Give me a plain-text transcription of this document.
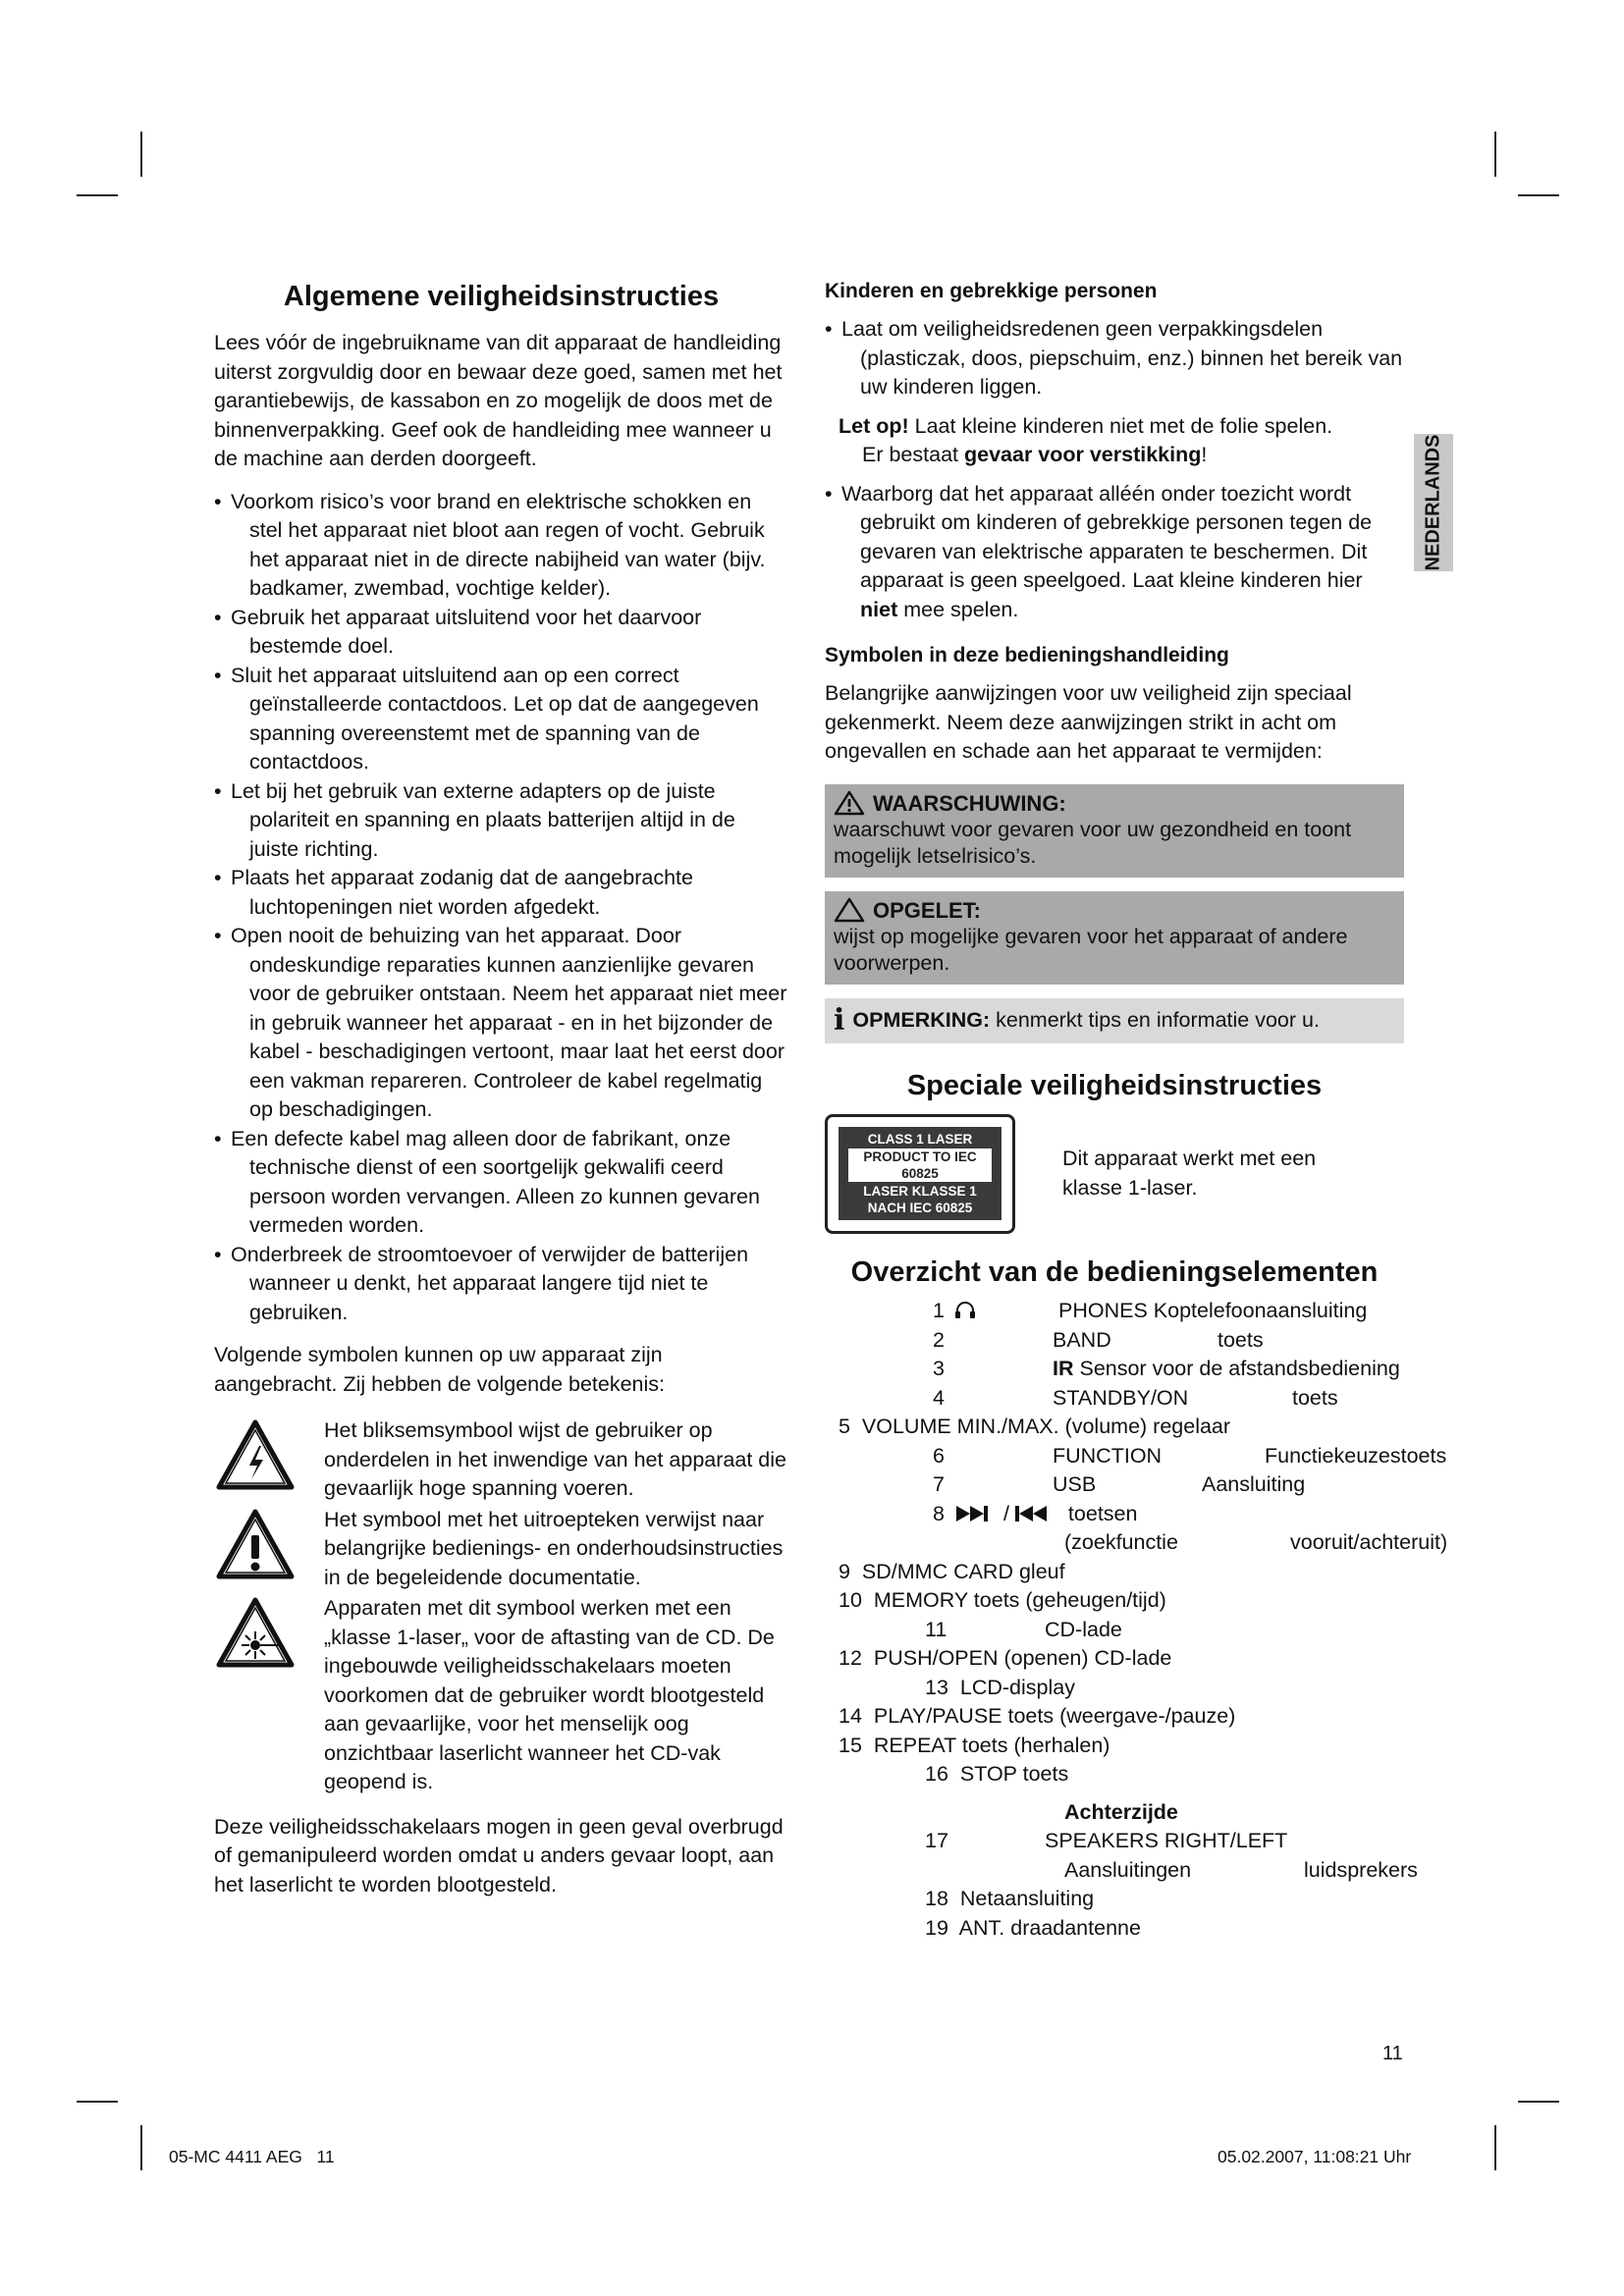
NEDERLANDS
Algemene veiligheidsinstructies

Lees vóór de ingebruikname van dit apparaat de handleiding uiterst zorgvuldig door en bewaar deze goed, samen met het garantiebewijs, de kassabon en zo mogelijk de doos met de binnenverpakking. Geef ook de handleiding mee wanneer u de machine aan derden doorgeeft.

• Voorkom risico’s voor brand en elektrische schokken en stel het apparaat niet bloot aan regen of vocht. Gebruik het apparaat niet in de directe nabijheid van water (bijv. badkamer, zwembad, vochtige kelder).
• Gebruik het apparaat uitsluitend voor het daarvoor bestemde doel.
• Sluit het apparaat uitsluitend aan op een correct geïnstalleerde contactdoos. Let op dat de aangegeven spanning overeenstemt met de spanning van de contactdoos.
• Let bij het gebruik van externe adapters op de juiste polariteit en spanning en plaats batterijen altijd in de juiste richting.
• Plaats het apparaat zodanig dat de aangebrachte luchtopeningen niet worden afgedekt.
• Open nooit de behuizing van het apparaat. Door ondeskundige reparaties kunnen aanzienlijke gevaren voor de gebruiker ontstaan. Neem het apparaat niet meer in gebruik wanneer het apparaat - en in het bijzonder de kabel - beschadigingen vertoont, maar laat het eerst door een vakman repareren. Controleer de kabel regelmatig op beschadigingen.
• Een defecte kabel mag alleen door de fabrikant, onze technische dienst of een soortgelijk gekwalifi ceerd persoon worden vervangen. Alleen zo kunnen gevaren vermeden worden.
• Onderbreek de stroomtoevoer of verwijder de batterijen wanneer u denkt, het apparaat langere tijd niet te gebruiken.

Volgende symbolen kunnen op uw apparaat zijn aangebracht. Zij hebben de volgende betekenis:

Het bliksemsymbool wijst de gebruiker op onderdelen in het inwendige van het apparaat die gevaarlijk hoge spanning voeren.
Het symbool met het uitroepteken verwijst naar belangrijke bedienings- en onderhoudsinstructies in de begeleidende documentatie.
Apparaten met dit symbool werken met een „klasse 1-laser„ voor de aftasting van de CD. De ingebouwde veiligheidsschakelaars moeten voorkomen dat de gebruiker wordt blootgesteld aan gevaarlijke, voor het menselijk oog onzichtbaar laserlicht wanneer het CD-vak geopend is.

Deze veiligheidsschakelaars mogen in geen geval overbrugd of gemanipuleerd worden omdat u anders gevaar loopt, aan het laserlicht te worden blootgesteld.

Kinderen en gebrekkige personen
• Laat om veiligheidsredenen geen verpakkingsdelen (plasticzak, doos, piepschuim, enz.) binnen het bereik van uw kinderen liggen.
Let op! Laat kleine kinderen niet met de folie spelen.
Er bestaat gevaar voor verstikking!
• Waarborg dat het apparaat alléén onder toezicht wordt gebruikt om kinderen of gebrekkige personen tegen de gevaren van elektrische apparaten te beschermen. Dit apparaat is geen speelgoed. Laat kleine kinderen hier niet mee spelen.
Symbolen in deze bedieningshandleiding

Belangrijke aanwijzingen voor uw veiligheid zijn speciaal gekenmerkt. Neem deze aanwijzingen strikt in acht om ongevallen en schade aan het apparaat te vermijden:

WAARSCHUWING:
waarschuwt voor gevaren voor uw gezondheid en toont mogelijk letselrisico’s.
OPGELET:
wijst op mogelijke gevaren voor het apparaat of andere voorwerpen.
i OPMERKING: kenmerkt tips en informatie voor u.
Speciale veiligheidsinstructies
CLASS 1 LASER
PRODUCT TO IEC 60825
LASER KLASSE 1
NACH IEC 60825
Dit apparaat werkt met een klasse 1-laser.
Overzicht van de bedieningselementen
1	PHONES Koptelefoonaansluiting
2	BAND	toets
3	IR Sensor voor de afstandsbediening
4	STANDBY/ON	toets
5  VOLUME MIN./MAX. (volume) regelaar
6	FUNCTION	Functiekeuzestoets
7	USB	Aansluiting
8	/  toetsen
(zoekfunctie	vooruit/achteruit)
9  SD/MMC CARD gleuf
10  MEMORY toets (geheugen/tijd)
11	CD-lade
12  PUSH/OPEN (openen) CD-lade
13  LCD-display
14  PLAY/PAUSE toets (weergave-/pauze)
15  REPEAT toets (herhalen)
16  STOP toets
Achterzijde
17	SPEAKERS RIGHT/LEFT
Aansluitingen	luidsprekers
18  Netaansluiting
19  ANT. draadantenne
11
05-MC 4411 AEG   11	05.02.2007, 11:08:21 Uhr
